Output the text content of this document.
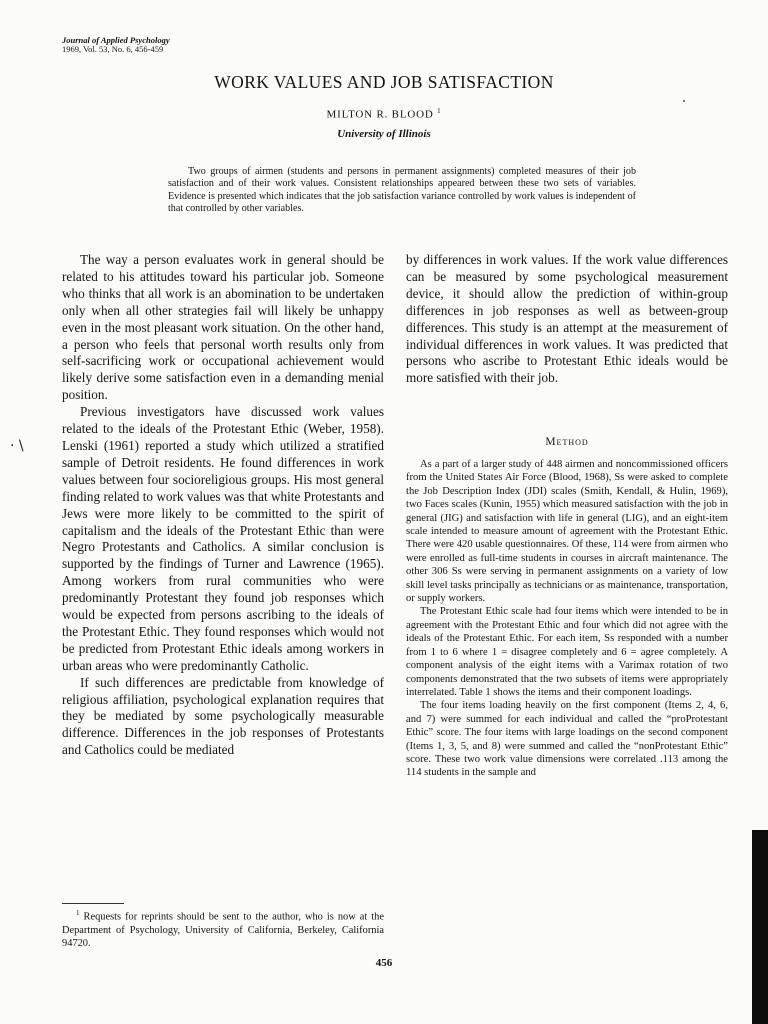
Journal of Applied Psychology
1969, Vol. 53, No. 6, 456-459
WORK VALUES AND JOB SATISFACTION
MILTON R. BLOOD $^1$
University of Illinois
Two groups of airmen (students and persons in permanent assignments) completed measures of their job satisfaction and of their work values. Consistent relationships appeared between these two sets of variables. Evidence is presented which indicates that the job satisfaction variance controlled by work values is independent of that controlled by other variables.

The way a person evaluates work in general should be related to his attitudes toward his particular job. Someone who thinks that all work is an abomination to be undertaken only when all other strategies fail will likely be unhappy even in the most pleasant work situation. On the other hand, a person who feels that personal worth results only from self-sacrificing work or occupational achievement would likely derive some satisfaction even in a demanding menial position.

Previous investigators have discussed work values related to the ideals of the Protestant Ethic (Weber, 1958). Lenski (1961) reported a study which utilized a stratified sample of Detroit residents. He found differences in work values between four socioreligious groups. His most general finding related to work values was that white Protestants and Jews were more likely to be committed to the spirit of capitalism and the ideals of the Protestant Ethic than were Negro Protestants and Catholics. A similar conclusion is supported by the findings of Turner and Lawrence (1965). Among workers from rural communities who were predominantly Protestant they found job responses which would be expected from persons ascribing to the ideals of the Protestant Ethic. They found responses which would not be predicted from Protestant Ethic ideals among workers in urban areas who were predominantly Catholic.

If such differences are predictable from knowledge of religious affiliation, psychological explanation requires that they be mediated by some psychologically measurable difference. Differences in the job responses of Protestants and Catholics could be mediated

· \

by differences in work values. If the work value differences can be measured by some psychological measurement device, it should allow the prediction of within-group differences in job responses as well as between-group differences. This study is an attempt at the measurement of individual differences in work values. It was predicted that persons who ascribe to Protestant Ethic ideals would be more satisfied with their job.

Method

As a part of a larger study of 448 airmen and noncommissioned officers from the United States Air Force (Blood, 1968), Ss were asked to complete the Job Description Index (JDI) scales (Smith, Kendall, & Hulin, 1969), two Faces scales (Kunin, 1955) which measured satisfaction with the job in general (JIG) and satisfaction with life in general (LIG), and an eight-item scale intended to measure amount of agreement with the Protestant Ethic. There were 420 usable questionnaires. Of these, 114 were from airmen who were enrolled as full-time students in courses in aircraft maintenance. The other 306 Ss were serving in permanent assignments on a variety of low skill level tasks principally as technicians or as maintenance, transportation, or supply workers.

The Protestant Ethic scale had four items which were intended to be in agreement with the Protestant Ethic and four which did not agree with the ideals of the Protestant Ethic. For each item, Ss responded with a number from 1 to 6 where 1 = disagree completely and 6 = agree completely. A component analysis of the eight items with a Varimax rotation of two components demonstrated that the two subsets of items were appropriately interrelated. Table 1 shows the items and their component loadings.

The four items loading heavily on the first component (Items 2, 4, 6, and 7) were summed for each individual and called the “proProtestant Ethic” score. The four items with large loadings on the second component (Items 1, 3, 5, and 8) were summed and called the “nonProtestant Ethic” score. These two work value dimensions were correlated .113 among the 114 students in the sample and

$^1$ Requests for reprints should be sent to the author, who is now at the Department of Psychology, University of California, Berkeley, California 94720.
456
